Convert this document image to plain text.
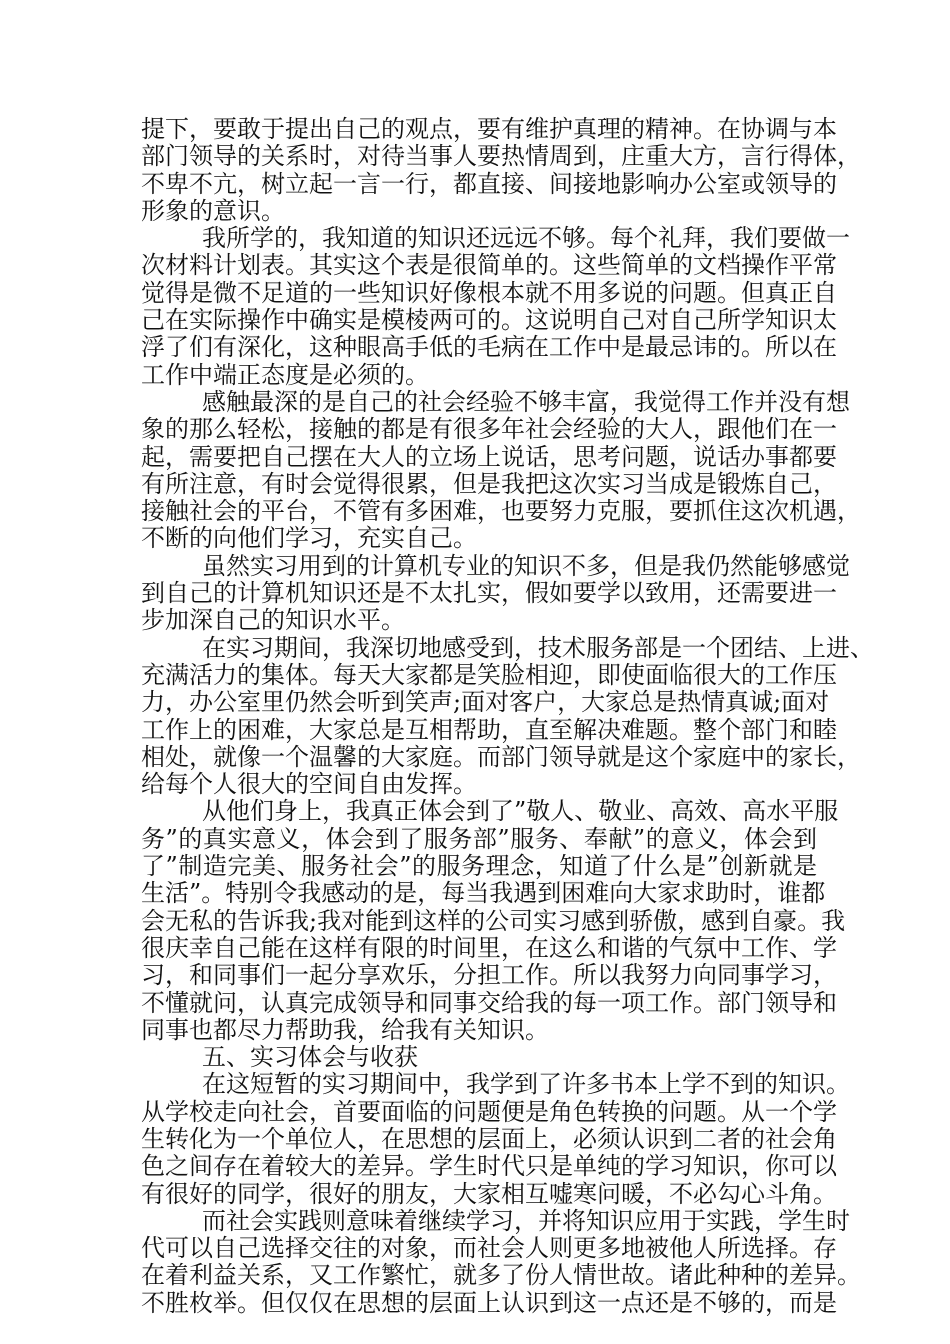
提下，要敢于提出自己的观点，要有维护真理的精神。在协调与本
部门领导的关系时，对待当事人要热情周到，庄重大方，言行得体，
不卑不亢，树立起一言一行，都直接、间接地影响办公室或领导的
形象的意识。
我所学的，我知道的知识还远远不够。每个礼拜，我们要做一
次材料计划表。其实这个表是很简单的。这些简单的文档操作平常
觉得是微不足道的一些知识好像根本就不用多说的问题。但真正自
己在实际操作中确实是模棱两可的。这说明自己对自己所学知识太
浮了们有深化，这种眼高手低的毛病在工作中是最忌讳的。所以在
工作中端正态度是必须的。
感触最深的是自己的社会经验不够丰富，我觉得工作并没有想
象的那么轻松，接触的都是有很多年社会经验的大人，跟他们在一
起，需要把自己摆在大人的立场上说话，思考问题，说话办事都要
有所注意，有时会觉得很累，但是我把这次实习当成是锻炼自己，
接触社会的平台，不管有多困难，也要努力克服，要抓住这次机遇，
不断的向他们学习，充实自己。
虽然实习用到的计算机专业的知识不多，但是我仍然能够感觉
到自己的计算机知识还是不太扎实，假如要学以致用，还需要进一
步加深自己的知识水平。
在实习期间，我深切地感受到，技术服务部是一个团结、上进、
充满活力的集体。每天大家都是笑脸相迎，即使面临很大的工作压
力，办公室里仍然会听到笑声;面对客户，大家总是热情真诚;面对
工作上的困难，大家总是互相帮助，直至解决难题。整个部门和睦
相处，就像一个温馨的大家庭。而部门领导就是这个家庭中的家长，
给每个人很大的空间自由发挥。
从他们身上，我真正体会到了”敬人、敬业、高效、高水平服
务”的真实意义，体会到了服务部”服务、奉献”的意义，体会到
了”制造完美、服务社会”的服务理念，知道了什么是”创新就是
生活”。特别令我感动的是，每当我遇到困难向大家求助时，谁都
会无私的告诉我;我对能到这样的公司实习感到骄傲，感到自豪。我
很庆幸自己能在这样有限的时间里，在这么和谐的气氛中工作、学
习，和同事们一起分享欢乐，分担工作。所以我努力向同事学习，
不懂就问，认真完成领导和同事交给我的每一项工作。部门领导和
同事也都尽力帮助我，给我有关知识。
五、实习体会与收获
在这短暂的实习期间中，我学到了许多书本上学不到的知识。
从学校走向社会，首要面临的问题便是角色转换的问题。从一个学
生转化为一个单位人，在思想的层面上，必须认识到二者的社会角
色之间存在着较大的差异。学生时代只是单纯的学习知识，你可以
有很好的同学，很好的朋友，大家相互嘘寒问暖，不必勾心斗角。
而社会实践则意味着继续学习，并将知识应用于实践，学生时
代可以自己选择交往的对象，而社会人则更多地被他人所选择。存
在着利益关系，又工作繁忙，就多了份人情世故。诸此种种的差异。
不胜枚举。但仅仅在思想的层面上认识到这一点还是不够的，而是
